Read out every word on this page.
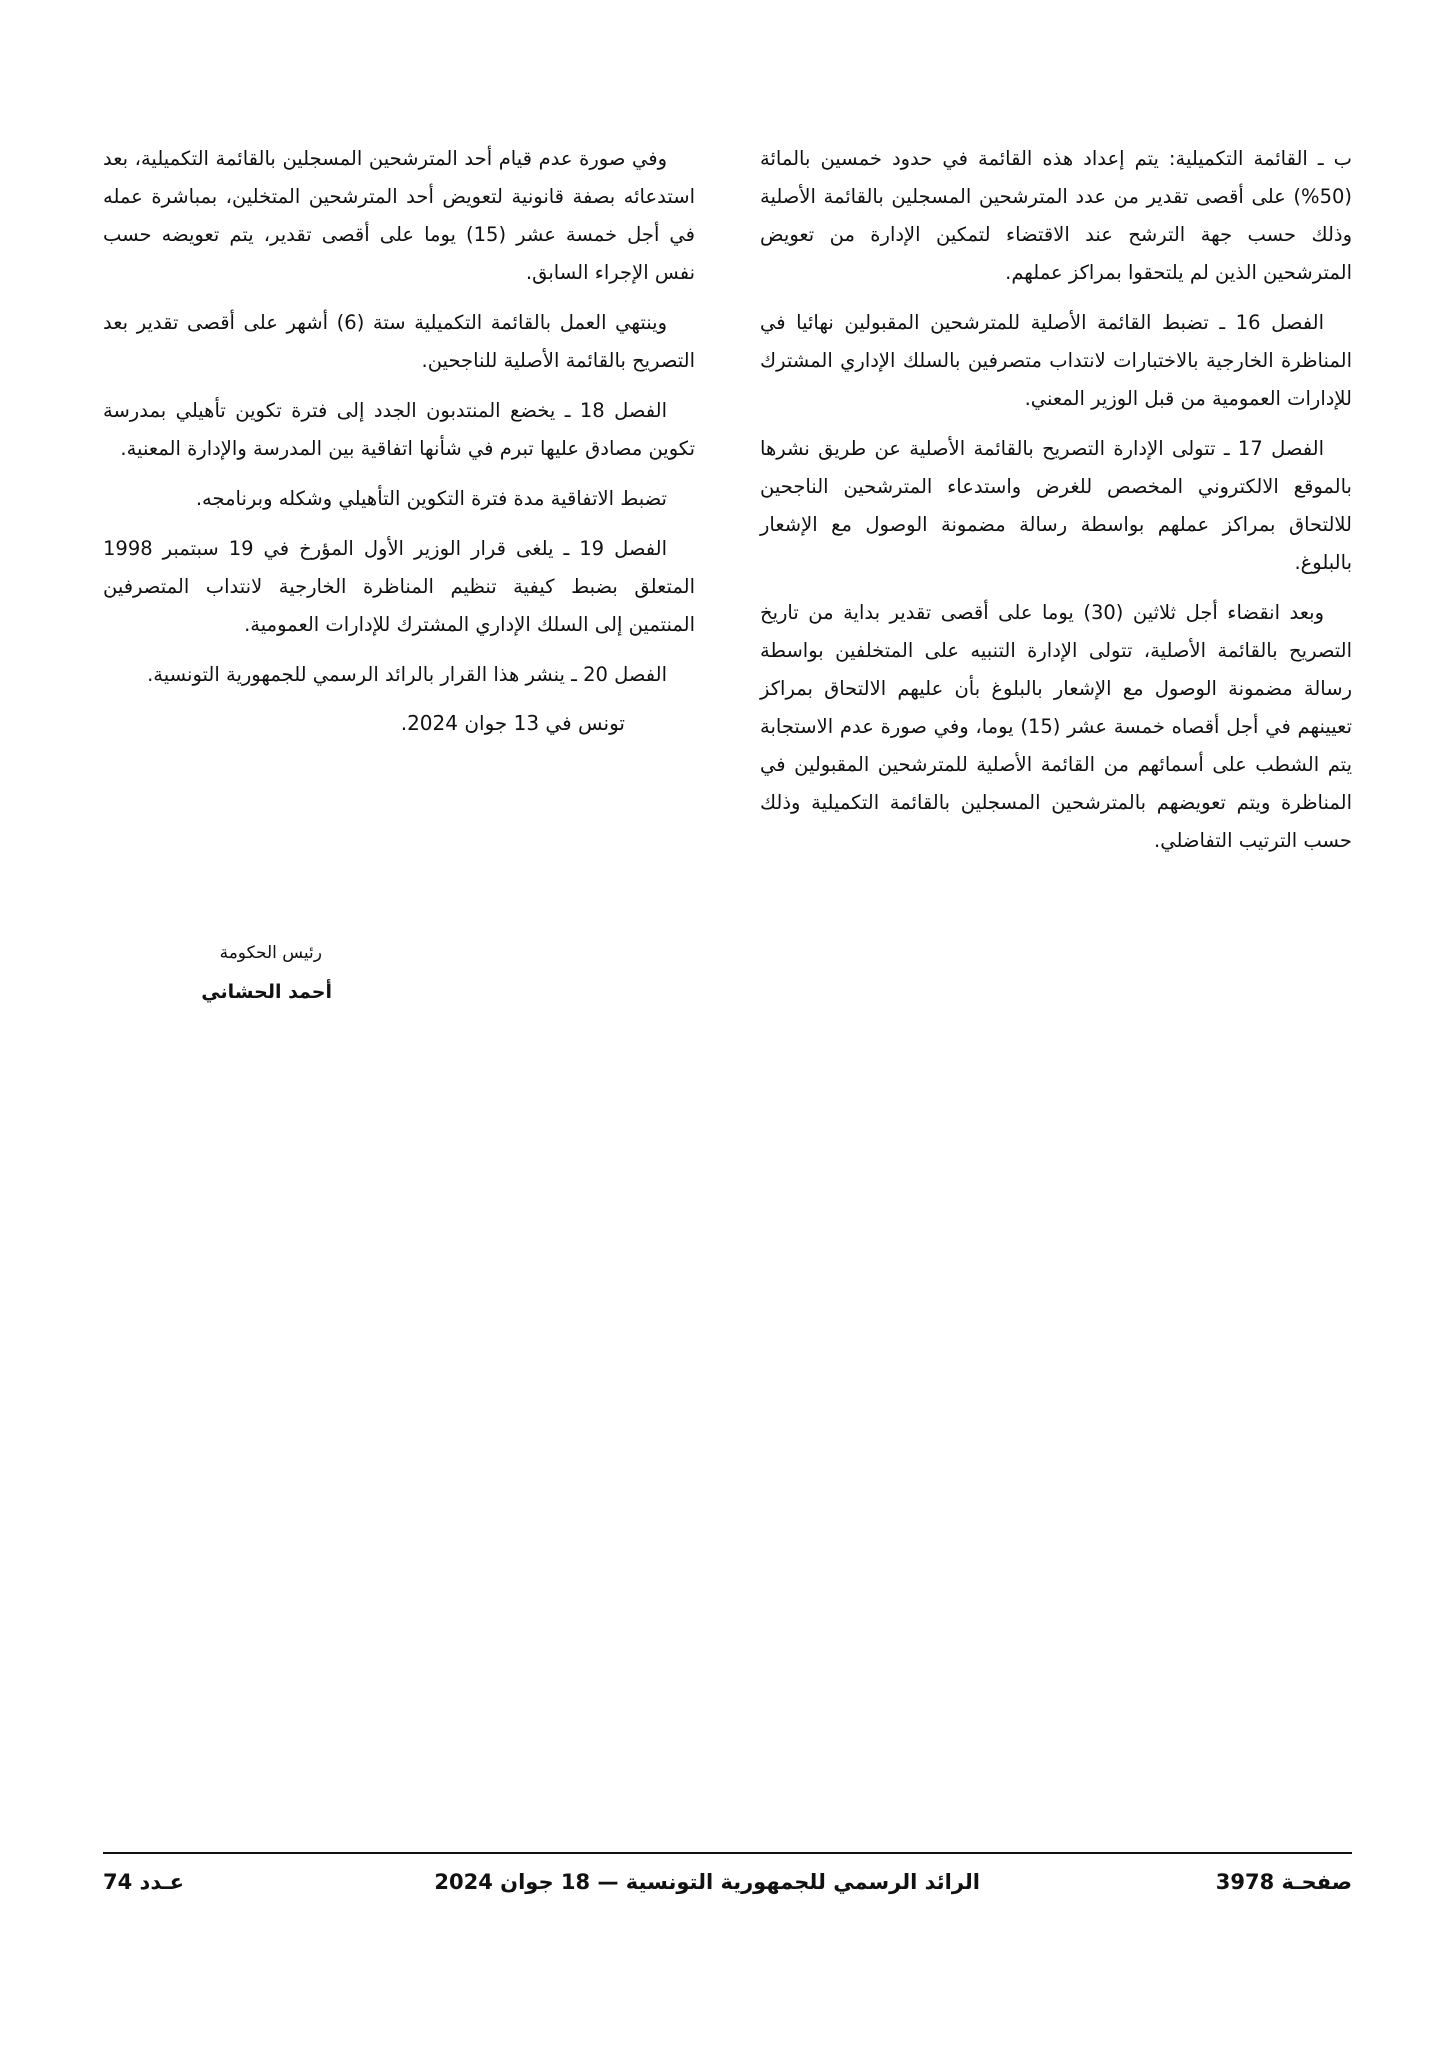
ب ـ القائمة التكميلية: يتم إعداد هذه القائمة في حدود خمسين بالمائة (50%) على أقصى تقدير من عدد المترشحين المسجلين بالقائمة الأصلية وذلك حسب جهة الترشح عند الاقتضاء لتمكين الإدارة من تعويض المترشحين الذين لم يلتحقوا بمراكز عملهم.

الفصل 16 ـ تضبط القائمة الأصلية للمترشحين المقبولين نهائيا في المناظرة الخارجية بالاختبارات لانتداب متصرفين بالسلك الإداري المشترك للإدارات العمومية من قبل الوزير المعني.

الفصل 17 ـ تتولى الإدارة التصريح بالقائمة الأصلية عن طريق نشرها بالموقع الالكتروني المخصص للغرض واستدعاء المترشحين الناجحين للالتحاق بمراكز عملهم بواسطة رسالة مضمونة الوصول مع الإشعار بالبلوغ.

وبعد انقضاء أجل ثلاثين (30) يوما على أقصى تقدير بداية من تاريخ التصريح بالقائمة الأصلية، تتولى الإدارة التنبيه على المتخلفين بواسطة رسالة مضمونة الوصول مع الإشعار بالبلوغ بأن عليهم الالتحاق بمراكز تعيينهم في أجل أقصاه خمسة عشر (15) يوما، وفي صورة عدم الاستجابة يتم الشطب على أسمائهم من القائمة الأصلية للمترشحين المقبولين في المناظرة ويتم تعويضهم بالمترشحين المسجلين بالقائمة التكميلية وذلك حسب الترتيب التفاضلي.

وفي صورة عدم قيام أحد المترشحين المسجلين بالقائمة التكميلية، بعد استدعائه بصفة قانونية لتعويض أحد المترشحين المتخلين، بمباشرة عمله في أجل خمسة عشر (15) يوما على أقصى تقدير، يتم تعويضه حسب نفس الإجراء السابق.

وينتهي العمل بالقائمة التكميلية ستة (6) أشهر على أقصى تقدير بعد التصريح بالقائمة الأصلية للناجحين.

الفصل 18 ـ يخضع المنتدبون الجدد إلى فترة تكوين تأهيلي بمدرسة تكوين مصادق عليها تبرم في شأنها اتفاقية بين المدرسة والإدارة المعنية.

تضبط الاتفاقية مدة فترة التكوين التأهيلي وشكله وبرنامجه.

الفصل 19 ـ يلغى قرار الوزير الأول المؤرخ في 19 سبتمبر 1998 المتعلق بضبط كيفية تنظيم المناظرة الخارجية لانتداب المتصرفين المنتمين إلى السلك الإداري المشترك للإدارات العمومية.

الفصل 20 ـ ينشر هذا القرار بالرائد الرسمي للجمهورية التونسية.

تونس في 13 جوان 2024.
رئيس الحكومة
أحمد الحشاني
صفحـة 3978
الرائد الرسمي للجمهورية التونسية — 18 جوان 2024
عـدد 74
